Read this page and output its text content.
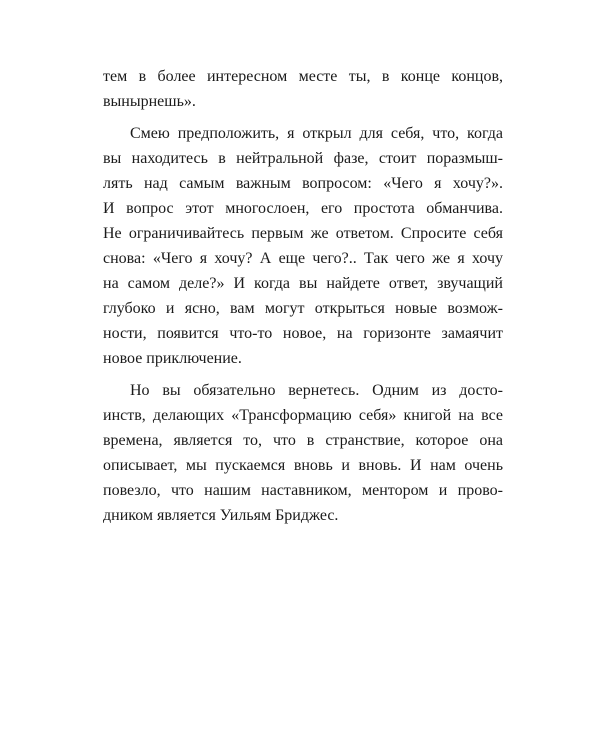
тем в более интересном месте ты, в конце концов,
вынырнешь».
Смею предположить, я открыл для себя, что, когда
вы находитесь в нейтральной фазе, стоит поразмыш-
лять над самым важным вопросом: «Чего я хочу?».
И вопрос этот многослоен, его простота обманчива.
Не ограничивайтесь первым же ответом. Спросите себя
снова: «Чего я хочу? А еще чего?.. Так чего же я хочу
на самом деле?» И когда вы найдете ответ, звучащий
глубоко и ясно, вам могут открыться новые возмож-
ности, появится что-то новое, на горизонте замаячит
новое приключение.
Но вы обязательно вернетесь. Одним из досто-
инств, делающих «Трансформацию себя» книгой на все
времена, является то, что в странствие, которое она
описывает, мы пускаемся вновь и вновь. И нам очень
повезло, что нашим наставником, ментором и прово-
дником является Уильям Бриджес.
